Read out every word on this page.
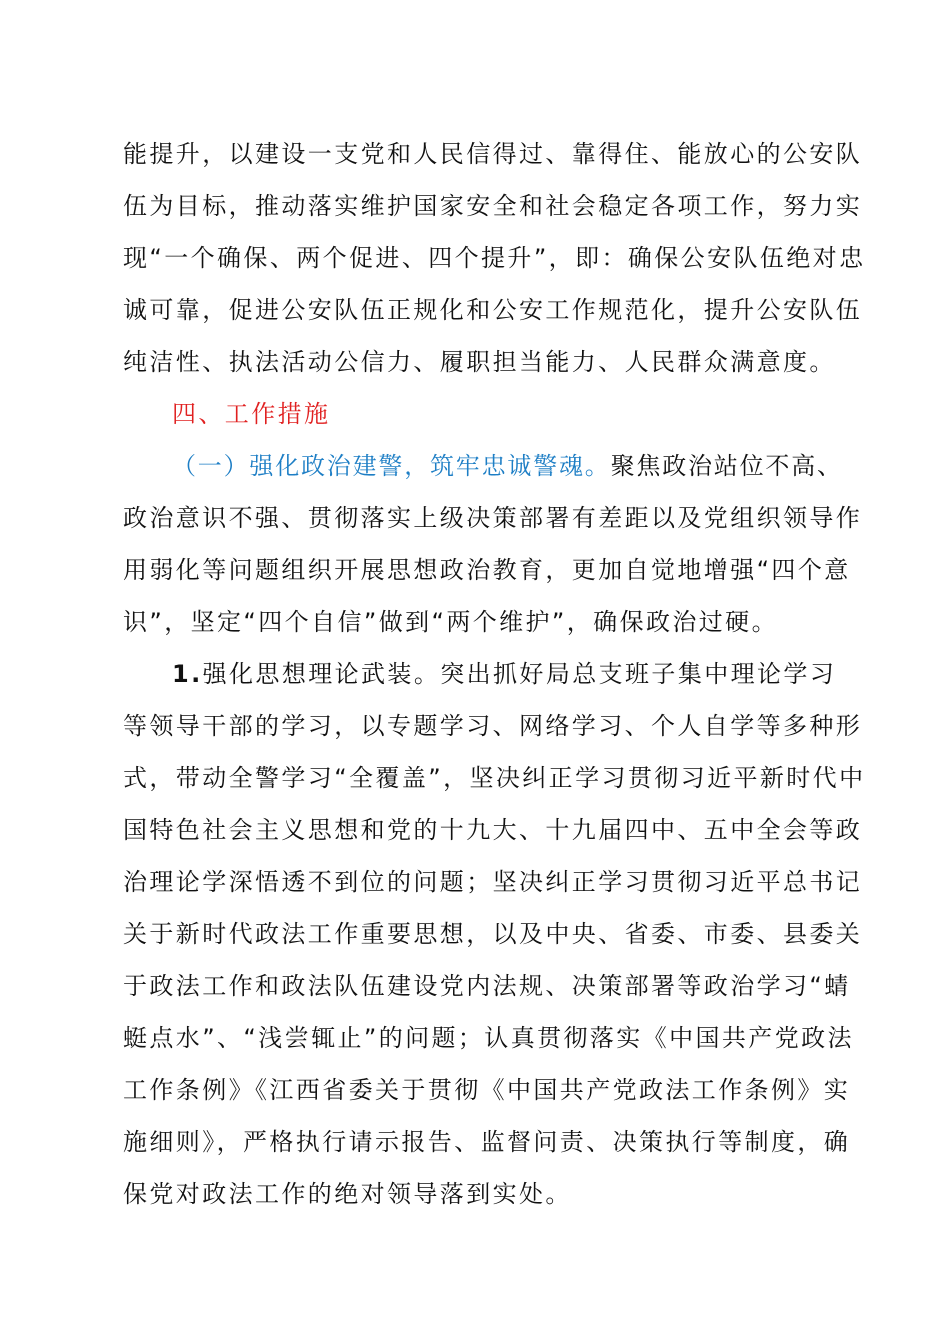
能提升，以建设一支党和人民信得过、靠得住、能放心的公安队
伍为目标，推动落实维护国家安全和社会稳定各项工作，努力实
现“一个确保、两个促进、四个提升”，即：确保公安队伍绝对忠
诚可靠，促进公安队伍正规化和公安工作规范化，提升公安队伍
纯洁性、执法活动公信力、履职担当能力、人民群众满意度。
四、工作措施
（一）强化政治建警，筑牢忠诚警魂。聚焦政治站位不高、
政治意识不强、贯彻落实上级决策部署有差距以及党组织领导作
用弱化等问题组织开展思想政治教育，更加自觉地增强“四个意
识”，坚定“四个自信”做到“两个维护”，确保政治过硬。
1.强化思想理论武装。突出抓好局总支班子集中理论学习
等领导干部的学习，以专题学习、网络学习、个人自学等多种形
式，带动全警学习“全覆盖”，坚决纠正学习贯彻习近平新时代中
国特色社会主义思想和党的十九大、十九届四中、五中全会等政
治理论学深悟透不到位的问题；坚决纠正学习贯彻习近平总书记
关于新时代政法工作重要思想，以及中央、省委、市委、县委关
于政法工作和政法队伍建设党内法规、决策部署等政治学习“蜻
蜓点水”、“浅尝辄止”的问题；认真贯彻落实《中国共产党政法
工作条例》《江西省委关于贯彻《中国共产党政法工作条例》实
施细则》，严格执行请示报告、监督问责、决策执行等制度，确
保党对政法工作的绝对领导落到实处。
